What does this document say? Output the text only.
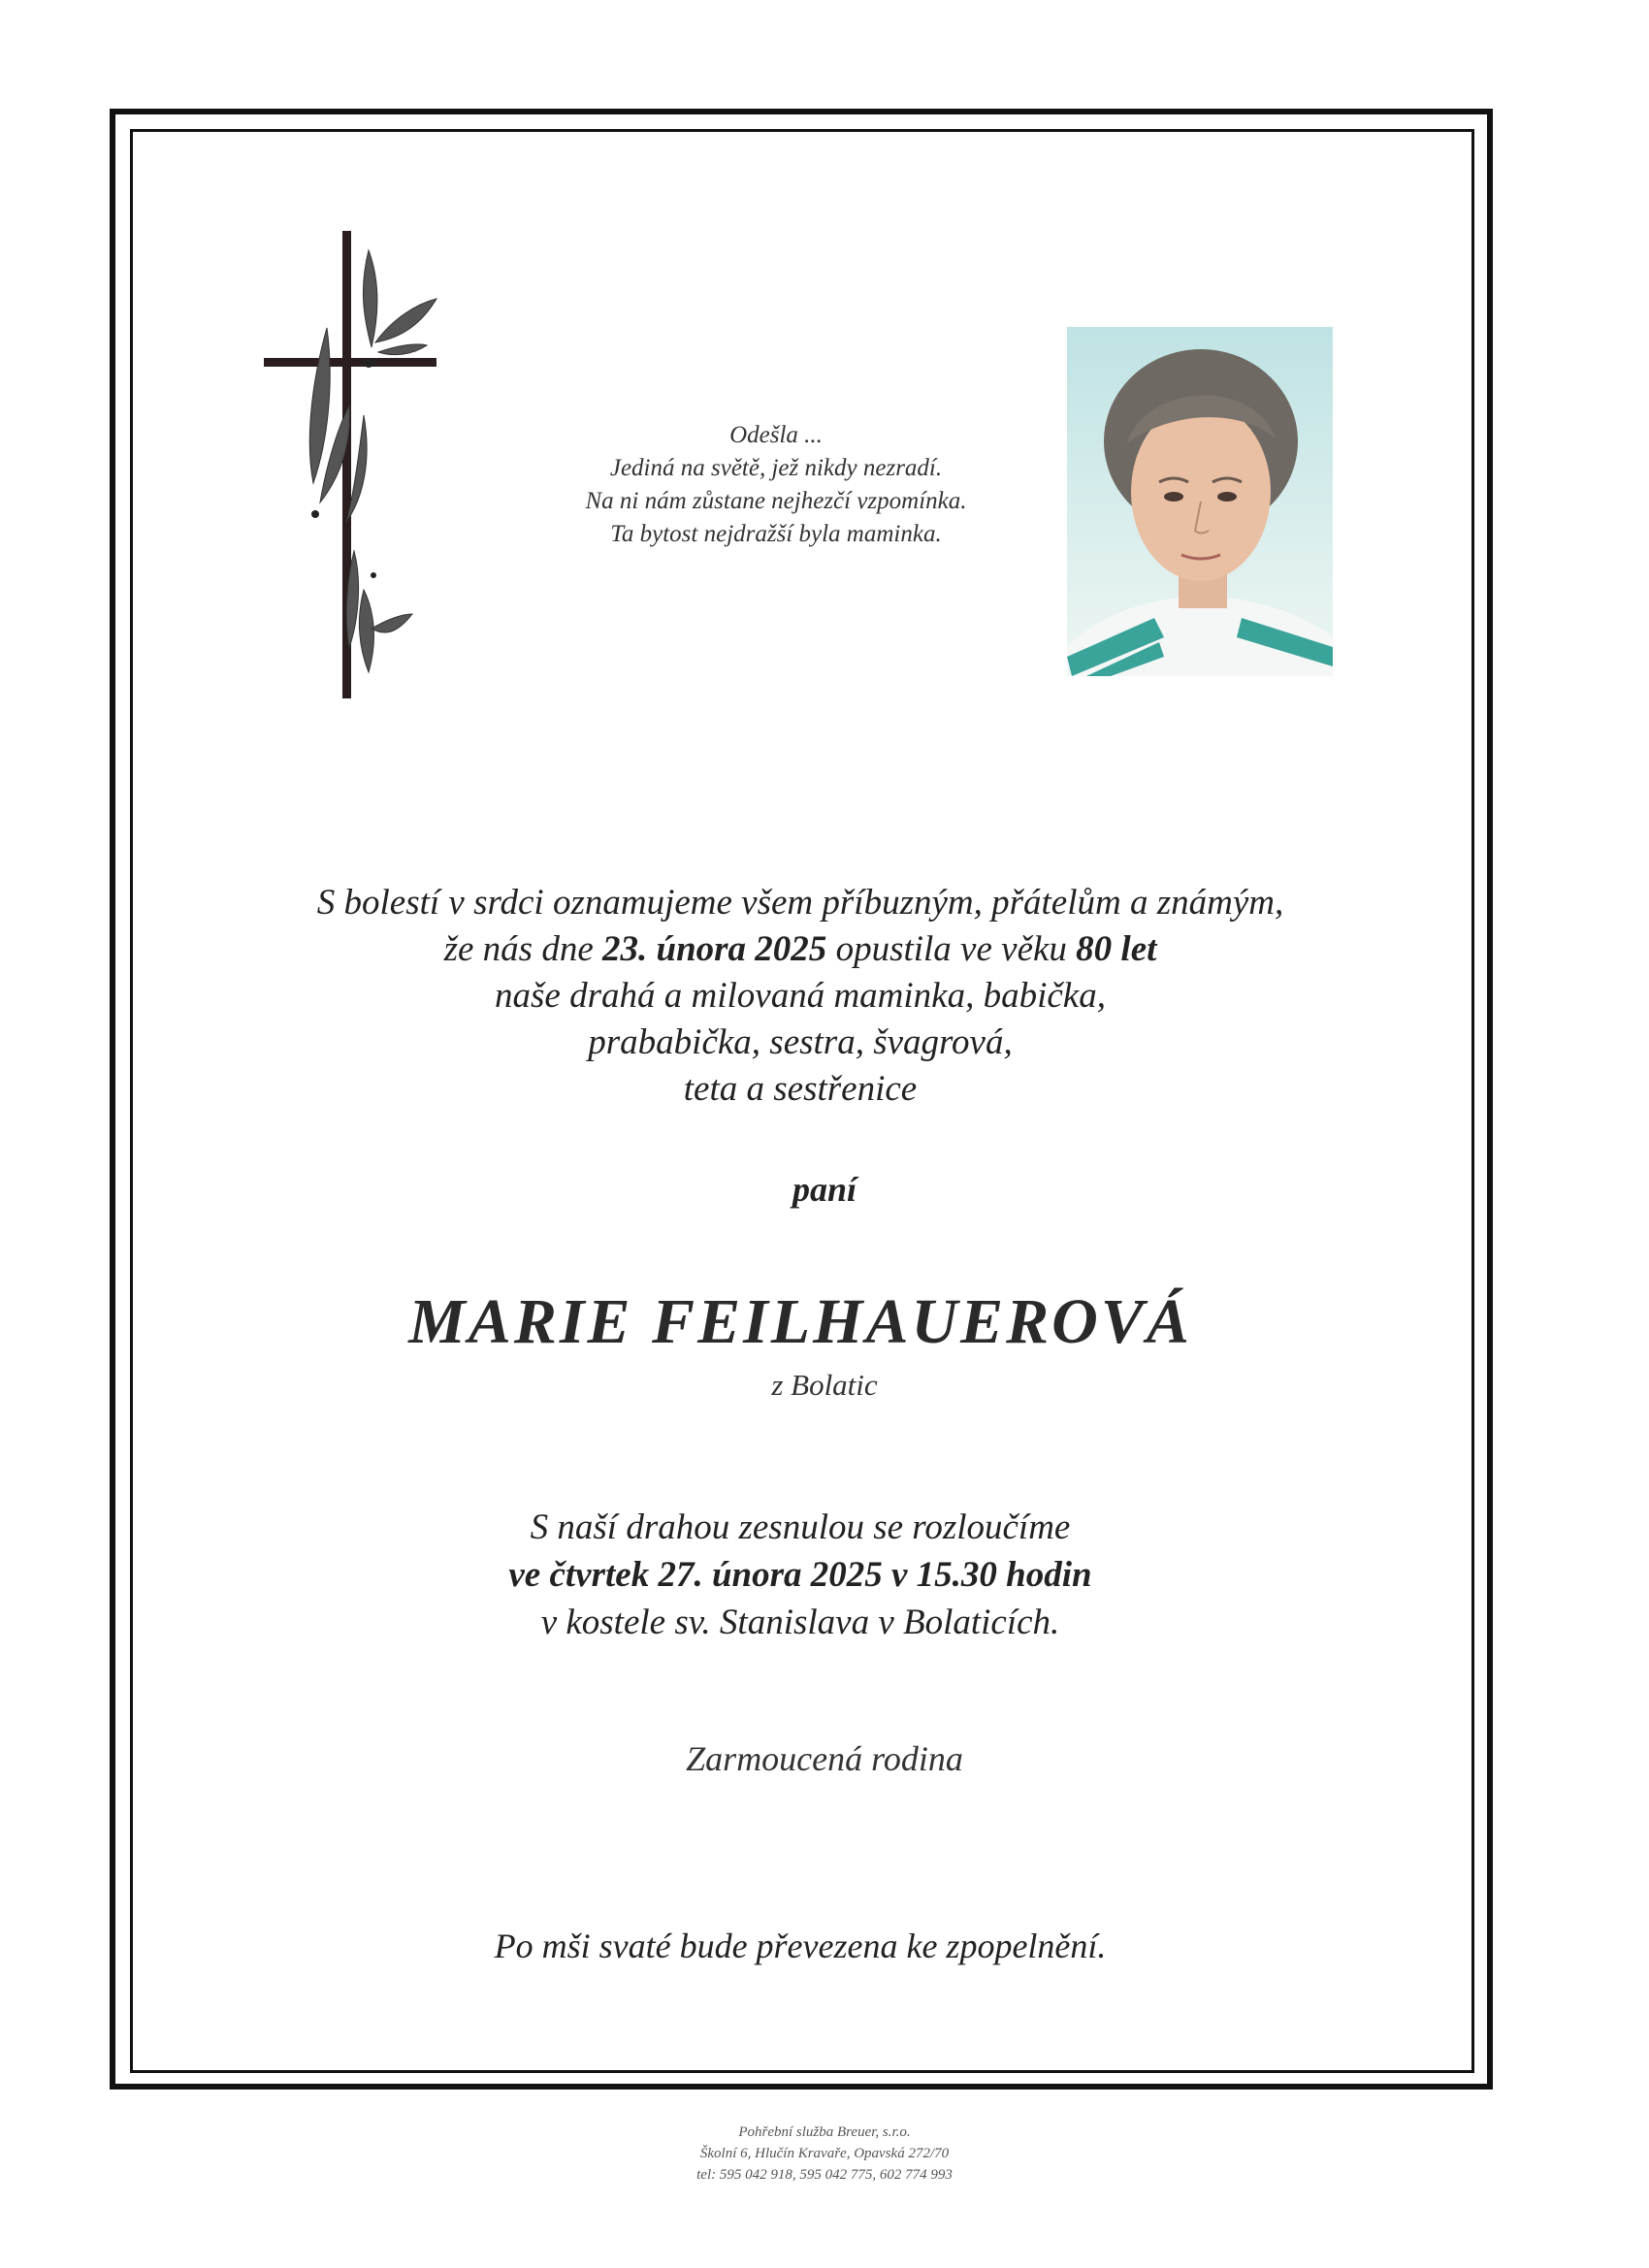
Odešla ...
Jediná na světě, jež nikdy nezradí.
Na ni nám zůstane nejhezčí vzpomínka.
Ta bytost nejdražší byla maminka.
S bolestí v srdci oznamujeme všem příbuzným, přátelům a známým,
že nás dne 23. února 2025 opustila ve věku 80 let
naše drahá a milovaná maminka, babička,
prababička, sestra, švagrová,
teta a sestřenice
paní
MARIE FEILHAUEROVÁ
z Bolatic
S naší drahou zesnulou se rozloučíme
ve čtvrtek 27. února 2025 v 15.30 hodin
v kostele sv. Stanislava v Bolaticích.
Zarmoucená rodina
Po mši svaté bude převezena ke zpopelnění.
Pohřební služba Breuer, s.r.o.
Školní 6, Hlučín Kravaře, Opavská 272/70
tel: 595 042 918, 595 042 775, 602 774 993
